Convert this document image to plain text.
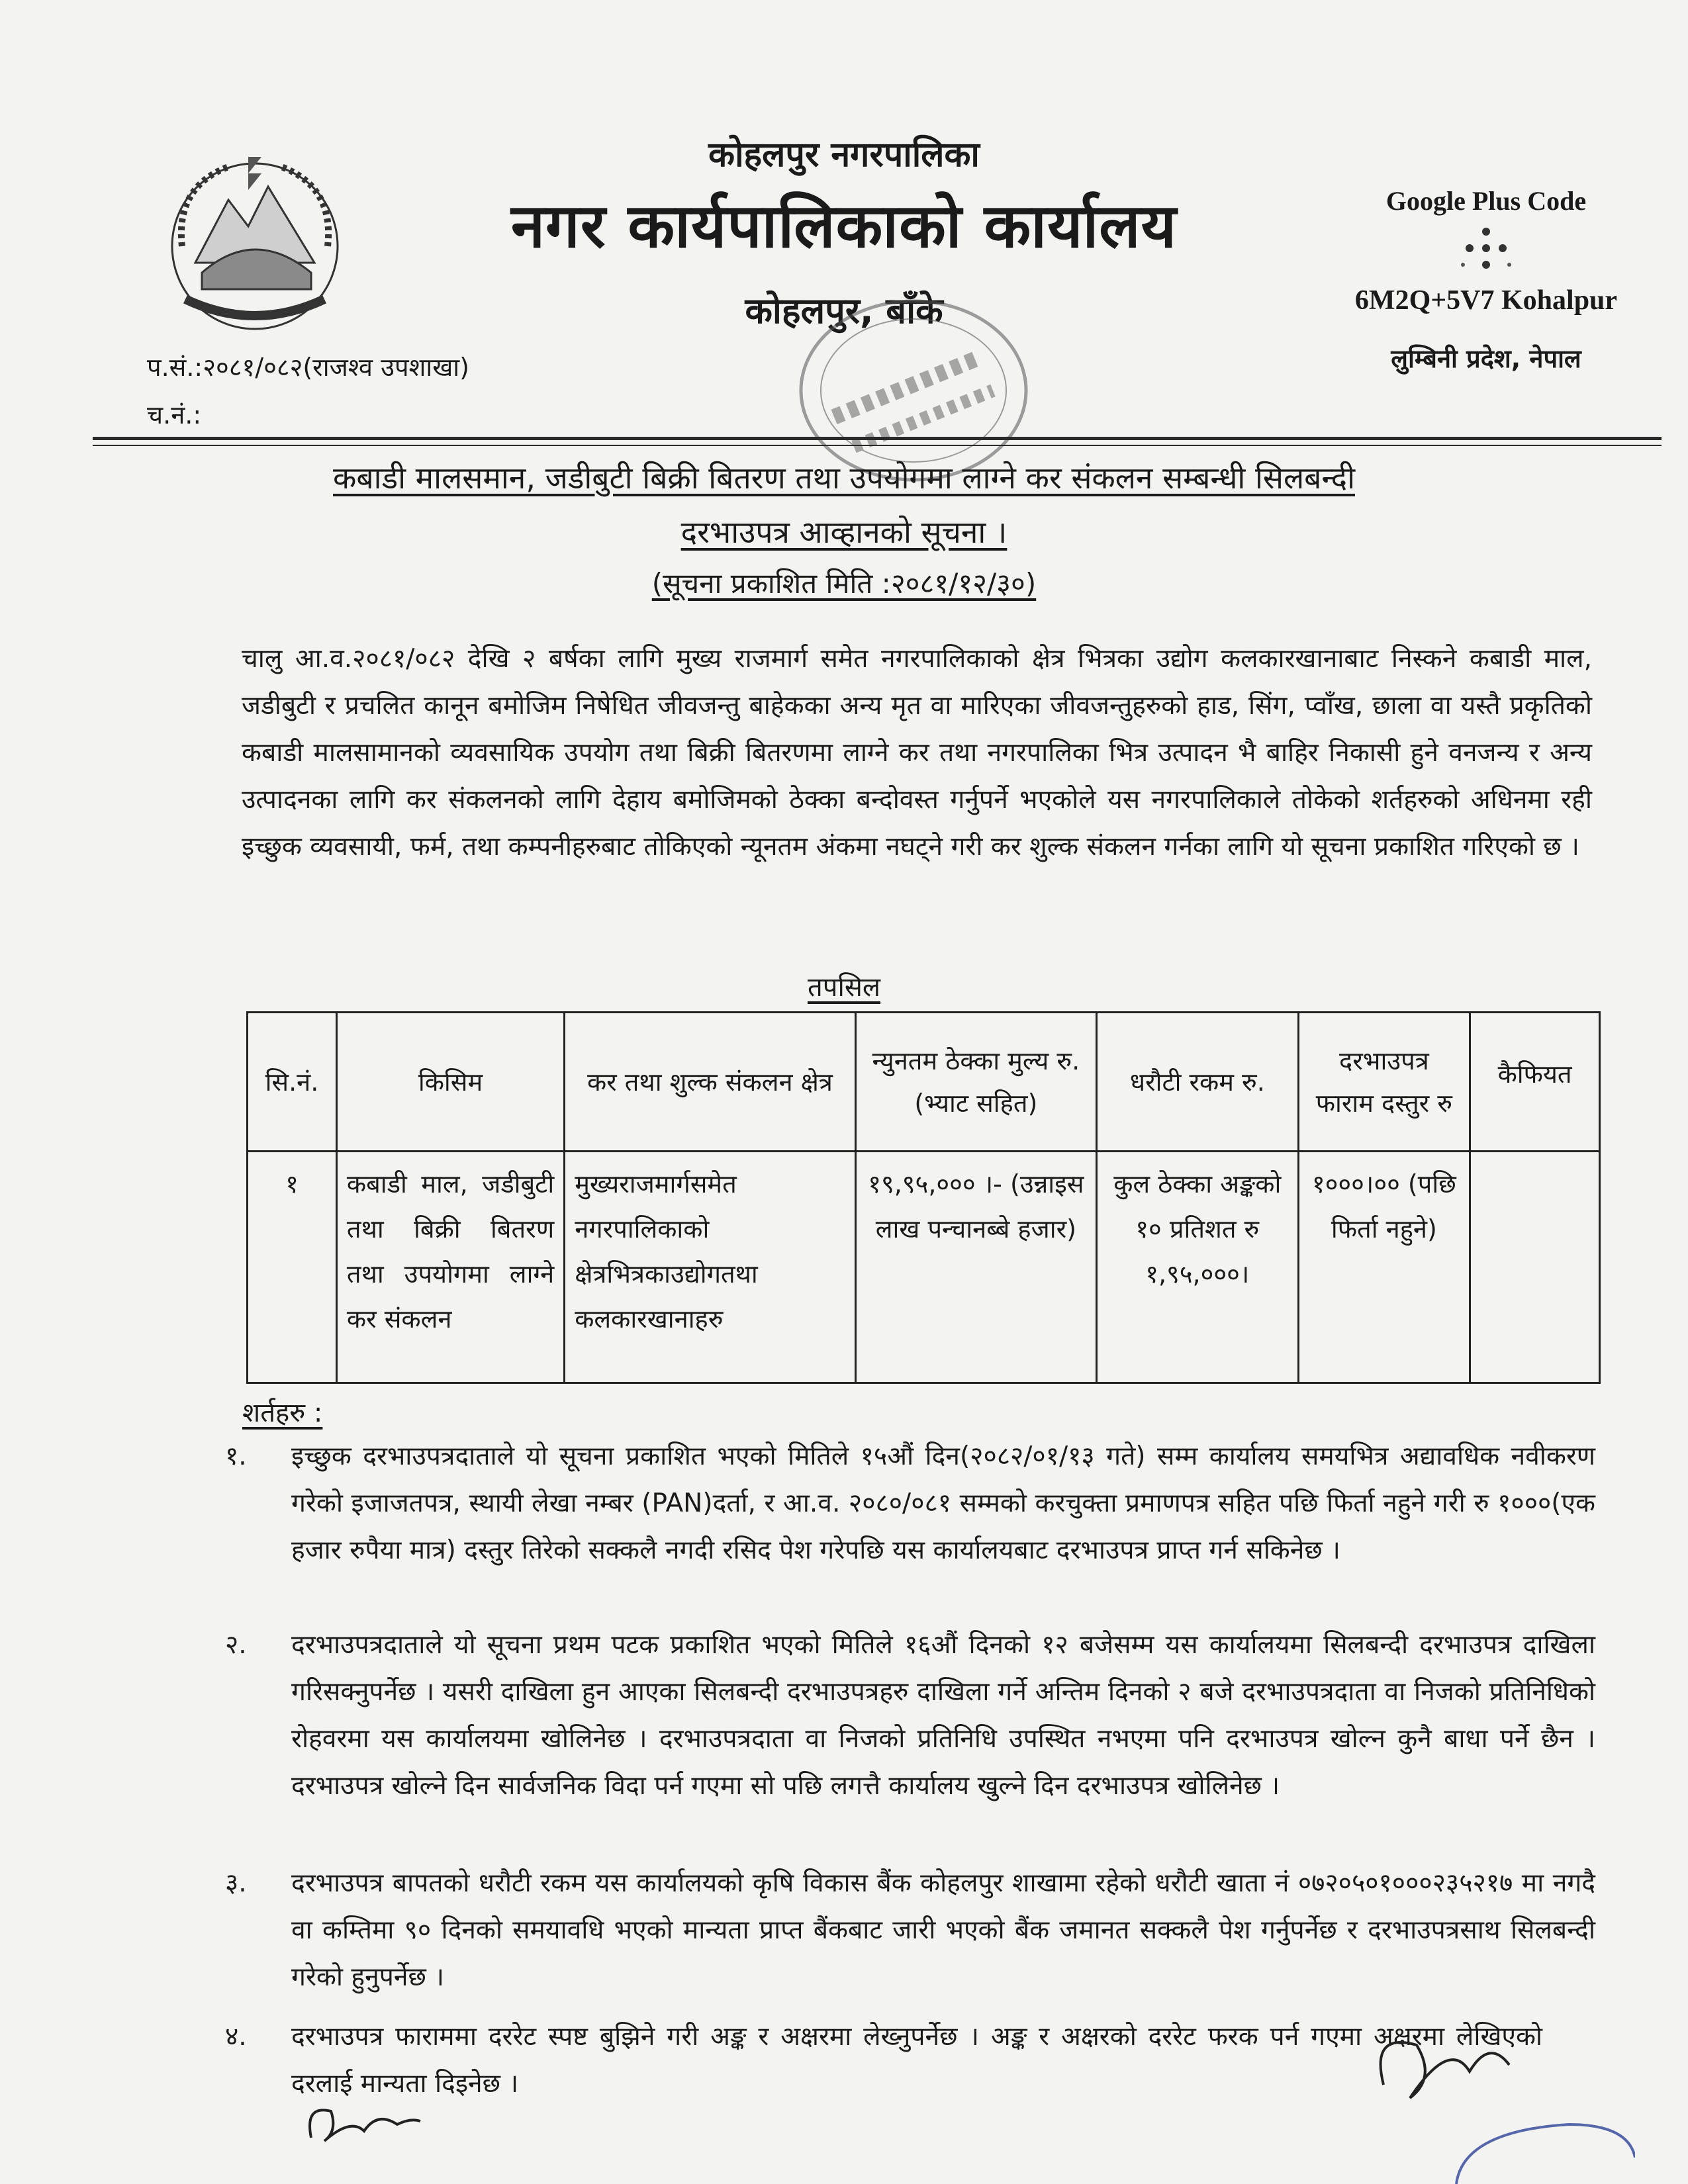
कोहलपुर नगरपालिका
नगर कार्यपालिकाको कार्यालय
कोहलपुर, बाँके
Google Plus Code
6M2Q+5V7 Kohalpur
लुम्बिनी प्रदेश, नेपाल
प.सं.:२०८१/०८२(राजश्व उपशाखा)
च.नं.:
कबाडी मालसमान, जडीबुटी बिक्री बितरण तथा उपयोगमा लाग्ने कर संकलन सम्बन्धी सिलबन्दी
दरभाउपत्र आव्हानको सूचना ।
(सूचना प्रकाशित मिति :२०८१/१२/३०)
चालु आ.व.२०८१/०८२ देखि २ बर्षका लागि मुख्य राजमार्ग समेत नगरपालिकाको क्षेत्र भित्रका उद्योग कलकारखानाबाट निस्कने कबाडी माल, जडीबुटी र प्रचलित कानून बमोजिम निषेधित जीवजन्तु बाहेकका अन्य मृत वा मारिएका जीवजन्तुहरुको हाड, सिंग, प्वाँख, छाला वा यस्तै प्रकृतिको कबाडी मालसामानको व्यवसायिक उपयोग तथा बिक्री बितरणमा लाग्ने कर तथा नगरपालिका भित्र उत्पादन भै बाहिर निकासी हुने वनजन्य र अन्य उत्पादनका लागि कर संकलनको लागि देहाय बमोजिमको ठेक्का बन्दोवस्त गर्नुपर्ने भएकोले यस नगरपालिकाले तोकेको शर्तहरुको अधिनमा रही इच्छुक व्यवसायी, फर्म, तथा कम्पनीहरुबाट तोकिएको न्यूनतम अंकमा नघट्ने गरी कर शुल्क संकलन गर्नका लागि यो सूचना प्रकाशित गरिएको छ ।
तपसिल
सि.नं.	किसिम	कर तथा शुल्क संकलन क्षेत्र	न्युनतम ठेक्का मुल्य रु. (भ्याट सहित)	धरौटी रकम रु.	दरभाउपत्र फाराम दस्तुर रु	कैफियत
१	कबाडी माल, जडीबुटी तथा बिक्री बितरण तथा उपयोगमा लाग्ने कर संकलन	मुख्यराजमार्गसमेत नगरपालिकाको क्षेत्रभित्रकाउद्योगतथा कलकारखानाहरु	१९,९५,००० ।- (उन्नाइस लाख पन्चानब्बे हजार)	कुल ठेक्का अङ्कको १० प्रतिशत रु १,९५,०००।	१०००।०० (पछि फिर्ता नहुने)	
शर्तहरु :
१.	इच्छुक दरभाउपत्रदाताले यो सूचना प्रकाशित भएको मितिले १५औं दिन(२०८२/०१/१३ गते) सम्म कार्यालय समयभित्र अद्यावधिक नवीकरण गरेको इजाजतपत्र, स्थायी लेखा नम्बर (PAN)दर्ता, र आ.व. २०८०/०८१ सम्मको करचुक्ता प्रमाणपत्र सहित पछि फिर्ता नहुने गरी रु १०००(एक हजार रुपैया मात्र) दस्तुर तिरेको सक्कलै नगदी रसिद पेश गरेपछि यस कार्यालयबाट दरभाउपत्र प्राप्त गर्न सकिनेछ ।
२.	दरभाउपत्रदाताले यो सूचना प्रथम पटक प्रकाशित भएको मितिले १६औं दिनको १२ बजेसम्म यस कार्यालयमा सिलबन्दी दरभाउपत्र दाखिला गरिसक्नुपर्नेछ । यसरी दाखिला हुन आएका सिलबन्दी दरभाउपत्रहरु दाखिला गर्ने अन्तिम दिनको २ बजे दरभाउपत्रदाता वा निजको प्रतिनिधिको रोहवरमा यस कार्यालयमा खोलिनेछ । दरभाउपत्रदाता वा निजको प्रतिनिधि उपस्थित नभएमा पनि दरभाउपत्र खोल्न कुनै बाधा पर्ने छैन । दरभाउपत्र खोल्ने दिन सार्वजनिक विदा पर्न गएमा सो पछि लगत्तै कार्यालय खुल्ने दिन दरभाउपत्र खोलिनेछ ।
३.	दरभाउपत्र बापतको धरौटी रकम यस कार्यालयको कृषि विकास बैंक कोहलपुर शाखामा रहेको धरौटी खाता नं ०७२०५०१०००२३५२१७ मा नगदै वा कम्तिमा ९० दिनको समयावधि भएको मान्यता प्राप्त बैंकबाट जारी भएको बैंक जमानत सक्कलै पेश गर्नुपर्नेछ र दरभाउपत्रसाथ सिलबन्दी गरेको हुनुपर्नेछ ।
४.	दरभाउपत्र फाराममा दररेट स्पष्ट बुझिने गरी अङ्क र अक्षरमा लेख्नुपर्नेछ । अङ्क र अक्षरको दररेट फरक पर्न गएमा अक्षरमा लेखिएको दरलाई मान्यता दिइनेछ ।
